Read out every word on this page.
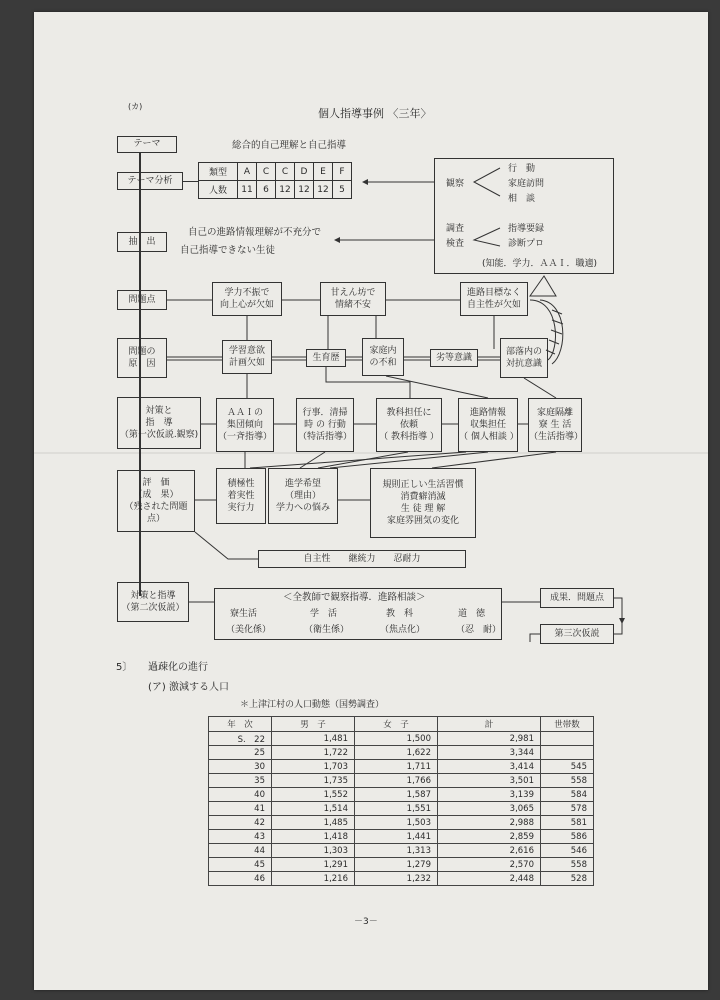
(カ)
個人指導事例 〈三年〉
テーマ
テーマ分析
抽　出
問題点
問題の
原　因
対策と
指　導
（第一次仮説.観察)
評　価
（成　果）
（残された問題点）
対策と指導
（第二次仮説）
総合的自己理解と自己指導
類型	A	C	C	D	E	F
人数	11	6	12	12	12	5
自己の進路情報理解が不充分で
自己指導できない生徒
観察
行　動
家庭訪問
相　談
調査
検査
指導要録
診断プロ
(知能．学力．ＡＡＩ．職適)
学力不振で
向上心が欠如
甘えん坊で
情緒不安
進路目標なく
自主性が欠如
学習意欲
計画欠如
生育歴
家庭内
の不和
劣等意識
部落内の
対抗意識
ＡＡＩの
集団傾向
（一斉指導）
行事．清掃
時 の 行動
（特活指導）
教科担任に
依頼
（ 教科指導 ）
進路情報
収集担任
（ 個人相談 ）
家庭隔離
寮 生 活
（生活指導）
積極性
着実性
実行力
進学希望
（理由）
学力への悩み
規則正しい生活習慣
消費癖消滅
生 徒 理 解
家庭雰囲気の変化
自主性　　継統力　　忍耐力
＜全教師で観察指導．進路相談＞
寮生活	学　活	教　科	道　徳
（美化係）	（衛生係）	（焦点化）	（忍　耐）
成果．問題点
第三次仮説
5〕 過疎化の進行
(ア) 激減する人口
＊上津江村の人口動態（国勢調査）
年　次	男　子	女　子	計	世帯数
S.　22	1,481	1,500	2,981	
25	1,722	1,622	3,344	
30	1,703	1,711	3,414	545
35	1,735	1,766	3,501	558
40	1,552	1,587	3,139	584
41	1,514	1,551	3,065	578
42	1,485	1,503	2,988	581
43	1,418	1,441	2,859	586
44	1,303	1,313	2,616	546
45	1,291	1,279	2,570	558
46	1,216	1,232	2,448	528
－3－
